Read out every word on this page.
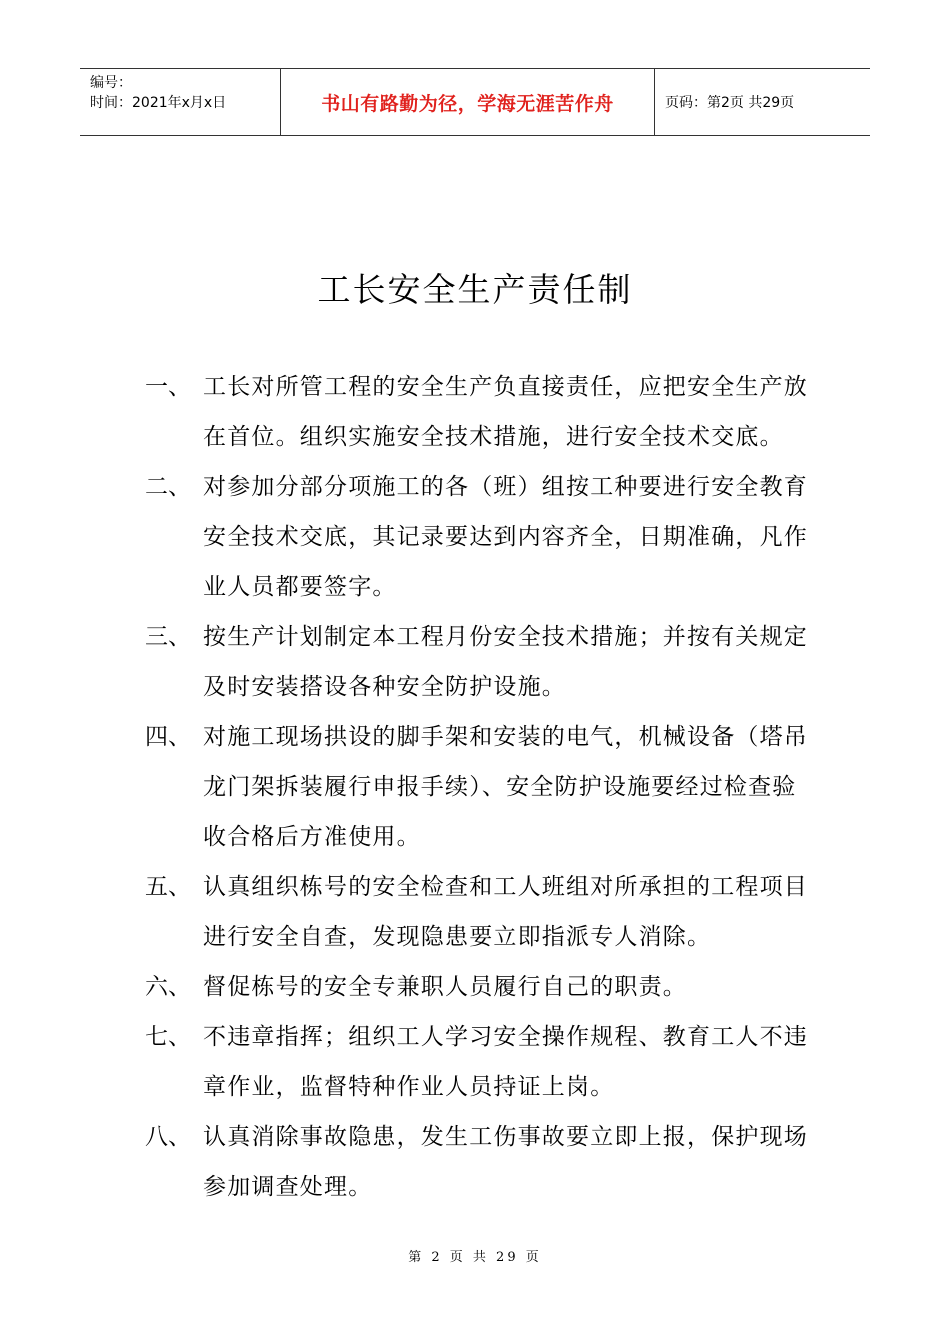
编号：
时间：2021年x月x日	书山有路勤为径，学海无涯苦作舟	页码：第2页 共29页
工长安全生产责任制
一、 工长对所管工程的安全生产负直接责任，应把安全生产放在首位。组织实施安全技术措施，进行安全技术交底。
二、 对参加分部分项施工的各（班）组按工种要进行安全教育安全技术交底，其记录要达到内容齐全，日期准确，凡作业人员都要签字。
三、 按生产计划制定本工程月份安全技术措施；并按有关规定及时安装搭设各种安全防护设施。
四、 对施工现场拱设的脚手架和安装的电气，机械设备（塔吊龙门架拆装履行申报手续）、安全防护设施要经过检查验收合格后方准使用。
五、 认真组织栋号的安全检查和工人班组对所承担的工程项目进行安全自查，发现隐患要立即指派专人消除。
六、 督促栋号的安全专兼职人员履行自己的职责。
七、 不违章指挥；组织工人学习安全操作规程、教育工人不违章作业，监督特种作业人员持证上岗。
八、 认真消除事故隐患，发生工伤事故要立即上报，保护现场参加调查处理。
第 2 页 共 29 页
